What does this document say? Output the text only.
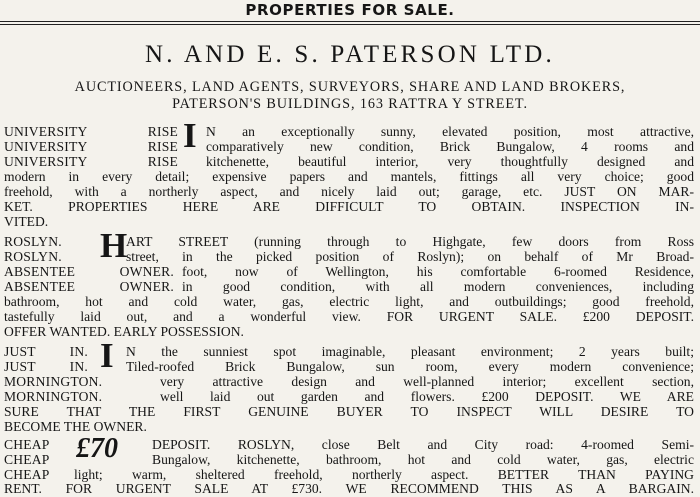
PROPERTIES FOR SALE.
N. AND E. S. PATERSON LTD.
AUCTIONEERS, LAND AGENTS, SURVEYORS, SHARE AND LAND BROKERS,
PATERSON'S BUILDINGS, 163 RATTRA Y STREET.
UNIVERSITY RISE I N an exceptionally sunny, elevated position, most attractive,
UNIVERSITY RISE comparatively new condition, Brick Bungalow, 4 rooms and
UNIVERSITY RISE kitchenette, beautiful interior, very thoughtfully designed and
modern in every detail; expensive papers and mantels, fittings all very choice; good
freehold, with a northerly aspect, and nicely laid out; garage, etc. JUST ON MAR-
KET. PROPERTIES HERE ARE DIFFICULT TO OBTAIN. INSPECTION IN-
VITED.
ROSLYN.	H
ART STREET (running through to Highgate, few doors from Ross
ROSLYN.	street, in the picked position of Roslyn); on behalf of Mr Broad-
ABSENTEE OWNER. foot, now of Wellington, his comfortable 6-roomed Residence,
ABSENTEE OWNER. in good condition, with all modern conveniences, including
bathroom, hot and cold water, gas, electric light, and outbuildings; good freehold,
tastefully laid out, and a wonderful view. FOR URGENT SALE. £200 DEPOSIT.
OFFER WANTED. EARLY POSSESSION.
JUST IN. I N the sunniest spot imaginable, pleasant environment; 2 years built;
JUST IN.	Tiled-roofed Brick Bungalow, sun room, every modern convenience;
MORNINGTON.	very attractive design and well-planned interior; excellent section,
MORNINGTON.	well laid out garden and flowers. £200 DEPOSIT. WE ARE
SURE THAT THE FIRST GENUINE BUYER TO INSPECT WILL DESIRE TO
BECOME THE OWNER.
CHEAP £70	DEPOSIT. ROSLYN, close Belt and City road: 4-roomed Semi-
CHEAP	Bungalow, kitchenette, bathroom, hot and cold water, gas, electric
CHEAP	light; warm, sheltered freehold, northerly aspect. BETTER THAN PAYING
RENT. FOR URGENT SALE AT £730. WE RECOMMEND THIS AS A BARGAIN.
